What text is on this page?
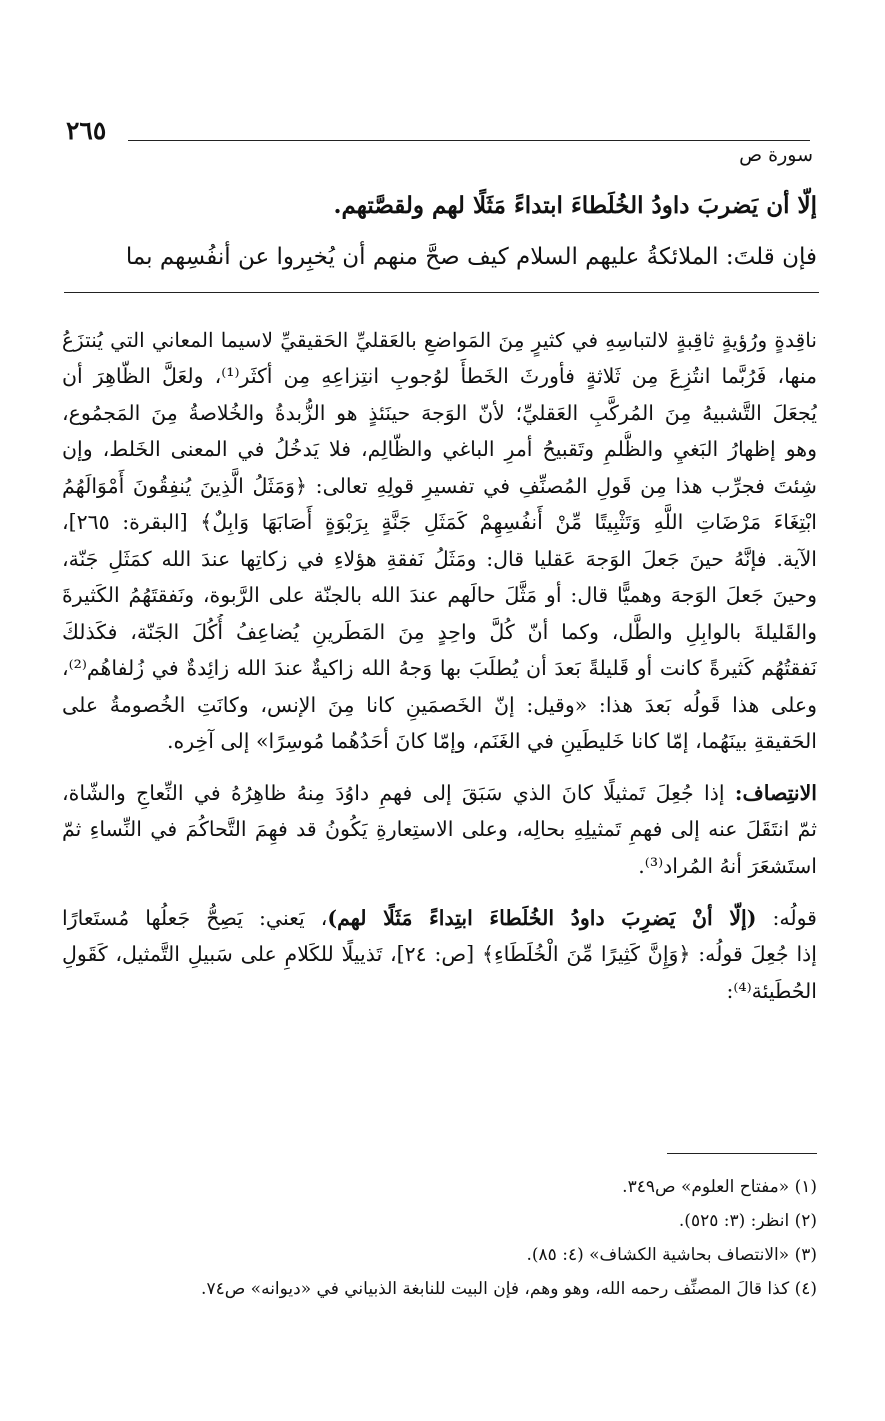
٢٦٥
سورة ص
إلّا أن يَضربَ داودُ الخُلَطاءَ ابتداءً مَثَلًا لهم ولقصَّتهم.
فإن قلتَ: الملائكةُ عليهم السلام كيف صحَّ منهم أن يُخبِروا عن أنفُسِهم بما
ناقِدةٍ ورُؤيةٍ ثاقِبةٍ لالتباسِهِ في كثيرٍ مِنَ المَواضعِ بالعَقليِّ الحَقيقيِّ لاسيما المعاني التي يُنتزَعُ
منها، فَرُبَّما انتُزِعَ مِن ثَلاثةٍ فأورثَ الخَطأَ لوُجوبِ انتِزاعِهِ مِن أكثَر⁽¹⁾، ولعَلَّ الظّاهِرَ أن
يُجعَلَ التَّشبيهُ مِنَ المُركَّبِ العَقليِّ؛ لأنّ الوَجهَ حينَئذٍ هو الزُّبدةُ والخُلاصةُ مِنَ المَجمُوع،
وهو إظهارُ البَغيِ والظُّلمِ وتَقبيحُ أمرِ الباغي والظّالِم، فلا يَدخُلُ في المعنى الخَلط، وإن
شِئتَ فجرِّب هذا مِن قَولِ المُصنِّفِ في تفسيرِ قولِهِ تعالى: ﴿وَمَثَلُ الَّذِينَ يُنفِقُونَ أَمْوَالَهُمُ
ابْتِغَاءَ مَرْضَاتِ اللَّهِ وَتَثْبِيتًا مِّنْ أَنفُسِهِمْ كَمَثَلِ جَنَّةٍ بِرَبْوَةٍ أَصَابَهَا وَابِلٌ﴾ [البقرة: ٢٦٥]،
الآية. فإنَّهُ حينَ جَعلَ الوَجهَ عَقليا قال: ومَثَلُ نَفقةِ هؤلاءِ في زكاتِها عندَ الله كمَثَلِ جَنّة،
وحينَ جَعلَ الوَجهَ وهميًّا قال: أو مَثَّلَ حالَهم عندَ الله بالجنّة على الرَّبوة، ونَفقتَهُمُ الكَثيرةَ
والقَليلةَ بالوابِلِ والطَّل، وكما أنّ كُلَّ واحِدٍ مِنَ المَطَرينِ يُضاعِفُ أُكُلَ الجَنّة، فكَذلكَ
نَفقتُهُم كَثيرةً كانت أو قَليلةً بَعدَ أن يُطلَبَ بها وَجهُ الله زاكيةٌ عندَ الله زائِدةٌ في زُلفاهُم⁽²⁾،
وعلى هذا قَولُه بَعدَ هذا: «وقيل: إنّ الخَصمَينِ كانا مِنَ الإنس، وكانَتِ الخُصومةُ على
الحَقيقةِ بينَهُما، إمّا كانا خَليطَينِ في الغَنَم، وإمّا كانَ أحَدُهُما مُوسِرًا» إلى آخِره.
الانتِصاف: إذا جُعِلَ تَمثيلًا كانَ الذي سَبَقَ إلى فهمِ داوُدَ مِنهُ ظاهِرُهُ في النِّعاجِ والشّاة،
ثمّ انتَقَلَ عنه إلى فهمِ تَمثيلِهِ بحالِه، وعلى الاستِعارةِ يَكُونُ قد فهِمَ التَّحاكُمَ في النِّساءِ ثمّ
استَشعَرَ أنهُ المُراد⁽³⁾.
قولُه: (إلّا أنْ يَضرِبَ داودُ الخُلَطاءَ ابتِداءً مَثَلًا لهم)، يَعني: يَصِحُّ جَعلُها مُستَعارًا
إذا جُعِلَ قولُه: ﴿وَإِنَّ كَثِيرًا مِّنَ الْخُلَطَاءِ﴾ [ص: ٢٤]، تَذييلًا للكَلامِ على سَبيلِ التَّمثيل، كَقَولِ
الحُطَيئة⁽⁴⁾:
(١) «مفتاح العلوم» ص٣٤٩.
(٢) انظر: (٣: ٥٢٥).
(٣) «الانتصاف بحاشية الكشاف» (٤: ٨٥).
(٤) كذا قالَ المصنِّف رحمه الله، وهو وهم، فإن البيت للنابغة الذبياني في «ديوانه» ص٧٤.
